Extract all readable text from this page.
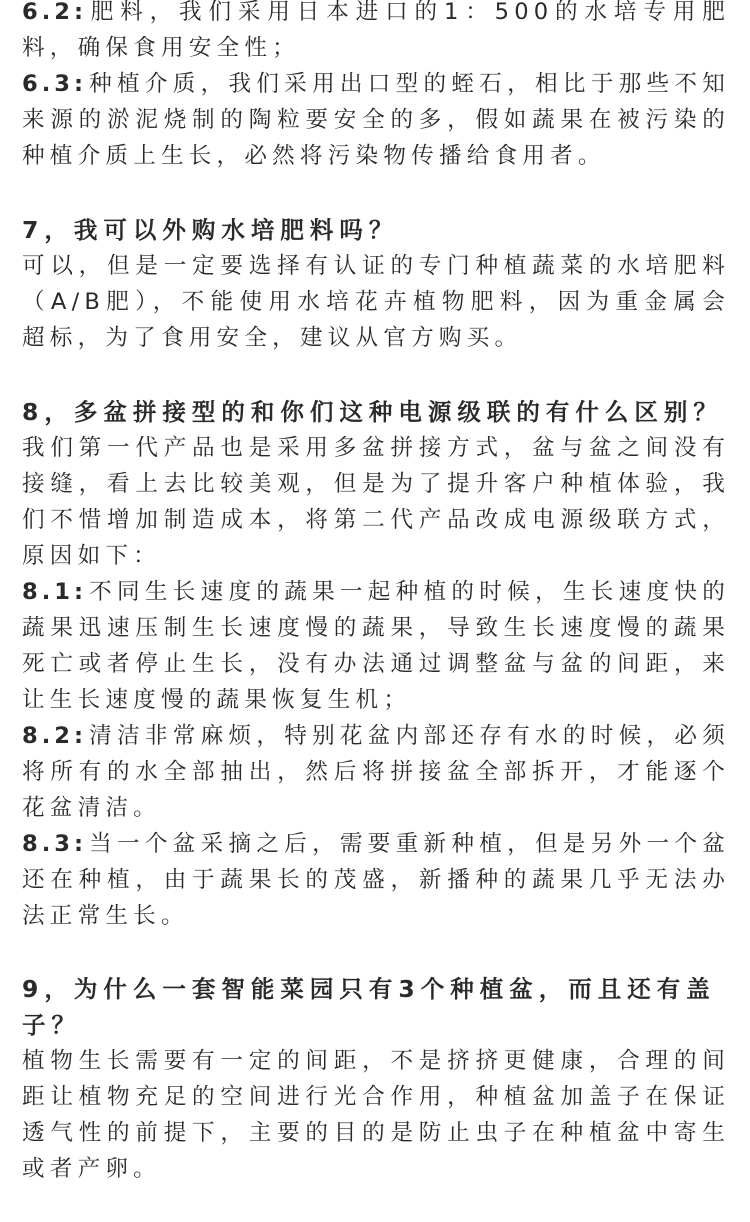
6.2:肥料，我们采用日本进口的1：500的水培专用肥料，确保食用安全性；

6.3:种植介质，我们采用出口型的蛭石，相比于那些不知来源的淤泥烧制的陶粒要安全的多，假如蔬果在被污染的种植介质上生长，必然将污染物传播给食用者。

7，我可以外购水培肥料吗？

可以，但是一定要选择有认证的专门种植蔬菜的水培肥料（A/B肥），不能使用水培花卉植物肥料，因为重金属会超标，为了食用安全，建议从官方购买。

8，多盆拼接型的和你们这种电源级联的有什么区别？

我们第一代产品也是采用多盆拼接方式，盆与盆之间没有接缝，看上去比较美观，但是为了提升客户种植体验，我们不惜增加制造成本，将第二代产品改成电源级联方式，原因如下：

8.1:不同生长速度的蔬果一起种植的时候，生长速度快的蔬果迅速压制生长速度慢的蔬果，导致生长速度慢的蔬果死亡或者停止生长，没有办法通过调整盆与盆的间距，来让生长速度慢的蔬果恢复生机；

8.2:清洁非常麻烦，特别花盆内部还存有水的时候，必须将所有的水全部抽出，然后将拼接盆全部拆开，才能逐个花盆清洁。

8.3:当一个盆采摘之后，需要重新种植，但是另外一个盆还在种植，由于蔬果长的茂盛，新播种的蔬果几乎无法办法正常生长。

9，为什么一套智能菜园只有3个种植盆，而且还有盖子？

植物生长需要有一定的间距，不是挤挤更健康，合理的间距让植物充足的空间进行光合作用，种植盆加盖子在保证透气性的前提下，主要的目的是防止虫子在种植盆中寄生或者产卵。
